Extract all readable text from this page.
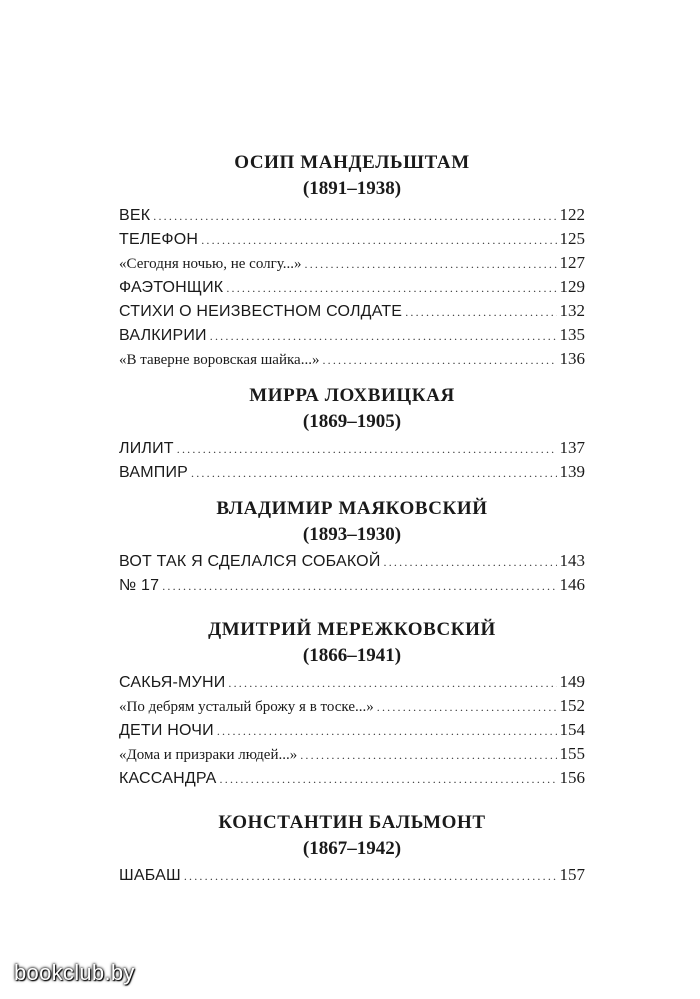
ОСИП МАНДЕЛЬШТАМ
(1891–1938)
ВЕК .....	122
ТЕЛЕФОН .....	125
«Сегодня ночью, не солгу...» .....	127
ФАЭТОНЩИК .....	129
СТИХИ О НЕИЗВЕСТНОМ СОЛДАТЕ .....	132
ВАЛКИРИИ .....	135
«В таверне воровская шайка...» .....	136
МИРРА ЛОХВИЦКАЯ
(1869–1905)
ЛИЛИТ .....	137
ВАМПИР .....	139
ВЛАДИМИР МАЯКОВСКИЙ
(1893–1930)
ВОТ ТАК Я СДЕЛАЛСЯ СОБАКОЙ .....	143
№ 17 .....	146
ДМИТРИЙ МЕРЕЖКОВСКИЙ
(1866–1941)
САКЬЯ-МУНИ .....	149
«По дебрям усталый брожу я в тоске...» .....	152
ДЕТИ НОЧИ .....	154
«Дома и призраки людей...» .....	155
КАССАНДРА .....	156
КОНСТАНТИН БАЛЬМОНТ
(1867–1942)
ШАБАШ .....	157
bookclub.by
